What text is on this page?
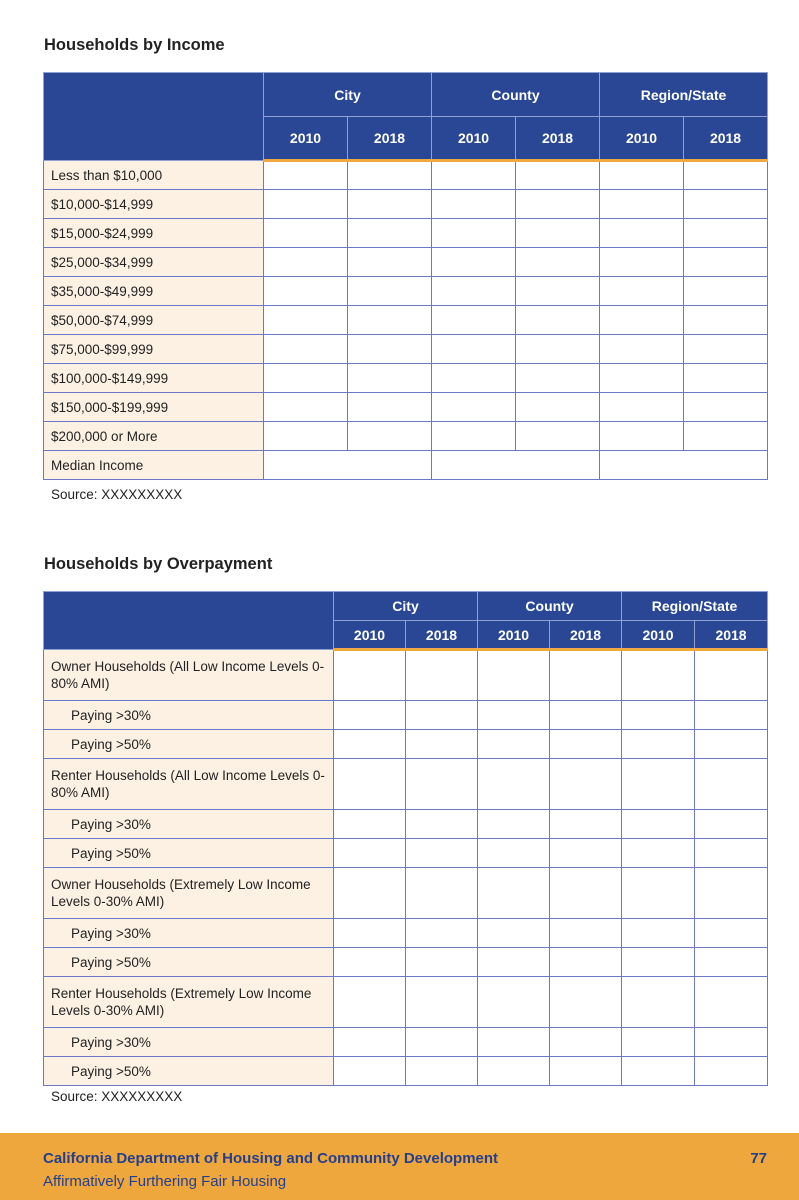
Households by Income
	City		County		Region/State	
	2010	2018	2010	2018	2010	2018
Less than $10,000						
$10,000-$14,999						
$15,000-$24,999						
$25,000-$34,999						
$35,000-$49,999						
$50,000-$74,999						
$75,000-$99,999						
$100,000-$149,999						
$150,000-$199,999						
$200,000 or More						
Median Income						

Source: XXXXXXXXX

Households by Overpayment
	City		County		Region/State	
	2010	2018	2010	2018	2010	2018
Owner Households (All Low Income Levels 0-80% AMI)						
Paying >30%						
Paying >50%						
Renter Households (All Low Income Levels 0-80% AMI)						
Paying >30%						
Paying >50%						
Owner Households (Extremely Low Income Levels 0-30% AMI)						
Paying >30%						
Paying >50%						
Renter Households (Extremely Low Income Levels 0-30% AMI)						
Paying >30%						
Paying >50%						

Source: XXXXXXXXX

California Department of Housing and Community Development
Affirmatively Furthering Fair Housing
77
